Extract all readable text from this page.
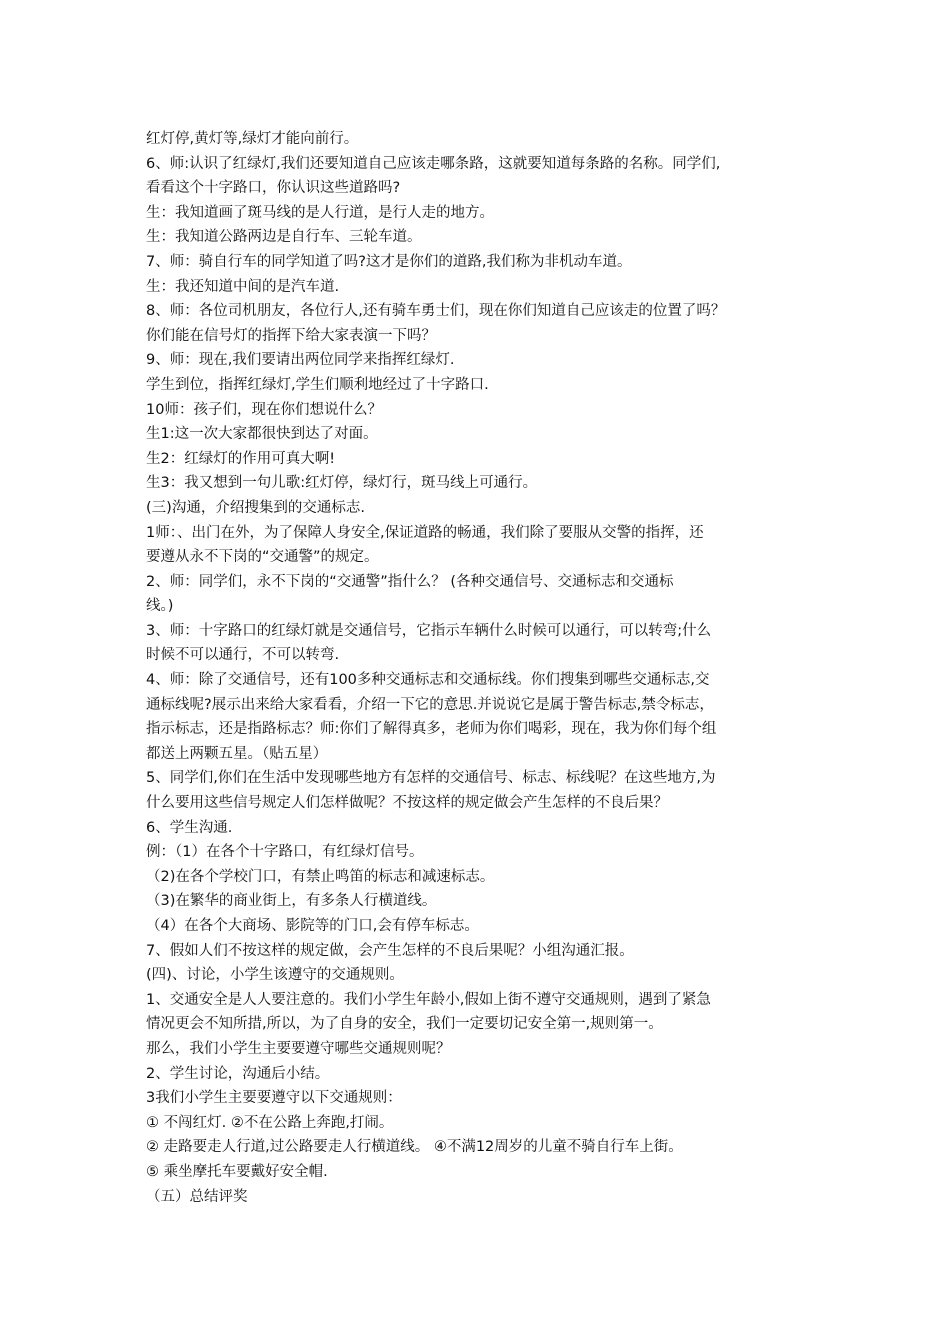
红灯停,黄灯等,绿灯才能向前行。
6、师:认识了红绿灯,我们还要知道自己应该走哪条路，这就要知道每条路的名称。同学们,
看看这个十字路口，你认识这些道路吗?
生：我知道画了斑马线的是人行道，是行人走的地方。
生：我知道公路两边是自行车、三轮车道。
7、师：骑自行车的同学知道了吗?这才是你们的道路,我们称为非机动车道。
生：我还知道中间的是汽车道.
8、师：各位司机朋友，各位行人,还有骑车勇士们，现在你们知道自己应该走的位置了吗？
你们能在信号灯的指挥下给大家表演一下吗？
9、师：现在,我们要请出两位同学来指挥红绿灯.
学生到位，指挥红绿灯,学生们顺利地经过了十字路口.
10师：孩子们，现在你们想说什么？
生1:这一次大家都很快到达了对面。
生2：红绿灯的作用可真大啊!
生3：我又想到一句儿歌:红灯停，绿灯行，斑马线上可通行。
(三)沟通，介绍搜集到的交通标志.
1师：、出门在外，为了保障人身安全,保证道路的畅通，我们除了要服从交警的指挥，还
要遵从永不下岗的“交通警”的规定。
2、师：同学们，永不下岗的“交通警”指什么？ (各种交通信号、交通标志和交通标
线。)
3、师：十字路口的红绿灯就是交通信号，它指示车辆什么时候可以通行，可以转弯;什么
时候不可以通行，不可以转弯.
4、师：除了交通信号，还有100多种交通标志和交通标线。你们搜集到哪些交通标志,交
通标线呢?展示出来给大家看看，介绍一下它的意思.并说说它是属于警告标志,禁令标志，
指示标志，还是指路标志？师:你们了解得真多，老师为你们喝彩，现在，我为你们每个组
都送上两颗五星。（贴五星）
5、同学们,你们在生活中发现哪些地方有怎样的交通信号、标志、标线呢？在这些地方,为
什么要用这些信号规定人们怎样做呢？不按这样的规定做会产生怎样的不良后果？
6、学生沟通.
例：（1）在各个十字路口，有红绿灯信号。
（2)在各个学校门口，有禁止鸣笛的标志和减速标志。
（3)在繁华的商业街上，有多条人行横道线。
（4）在各个大商场、影院等的门口,会有停车标志。
7、假如人们不按这样的规定做，会产生怎样的不良后果呢？小组沟通汇报。
(四)、讨论，小学生该遵守的交通规则。
1、交通安全是人人要注意的。我们小学生年龄小,假如上街不遵守交通规则，遇到了紧急
情况更会不知所措,所以，为了自身的安全，我们一定要切记安全第一,规则第一。
那么，我们小学生主要要遵守哪些交通规则呢？
2、学生讨论，沟通后小结。
3我们小学生主要要遵守以下交通规则：
① 不闯红灯. ②不在公路上奔跑,打闹。
② 走路要走人行道,过公路要走人行横道线。 ④不满12周岁的儿童不骑自行车上街。
⑤ 乘坐摩托车要戴好安全帽.
（五）总结评奖
